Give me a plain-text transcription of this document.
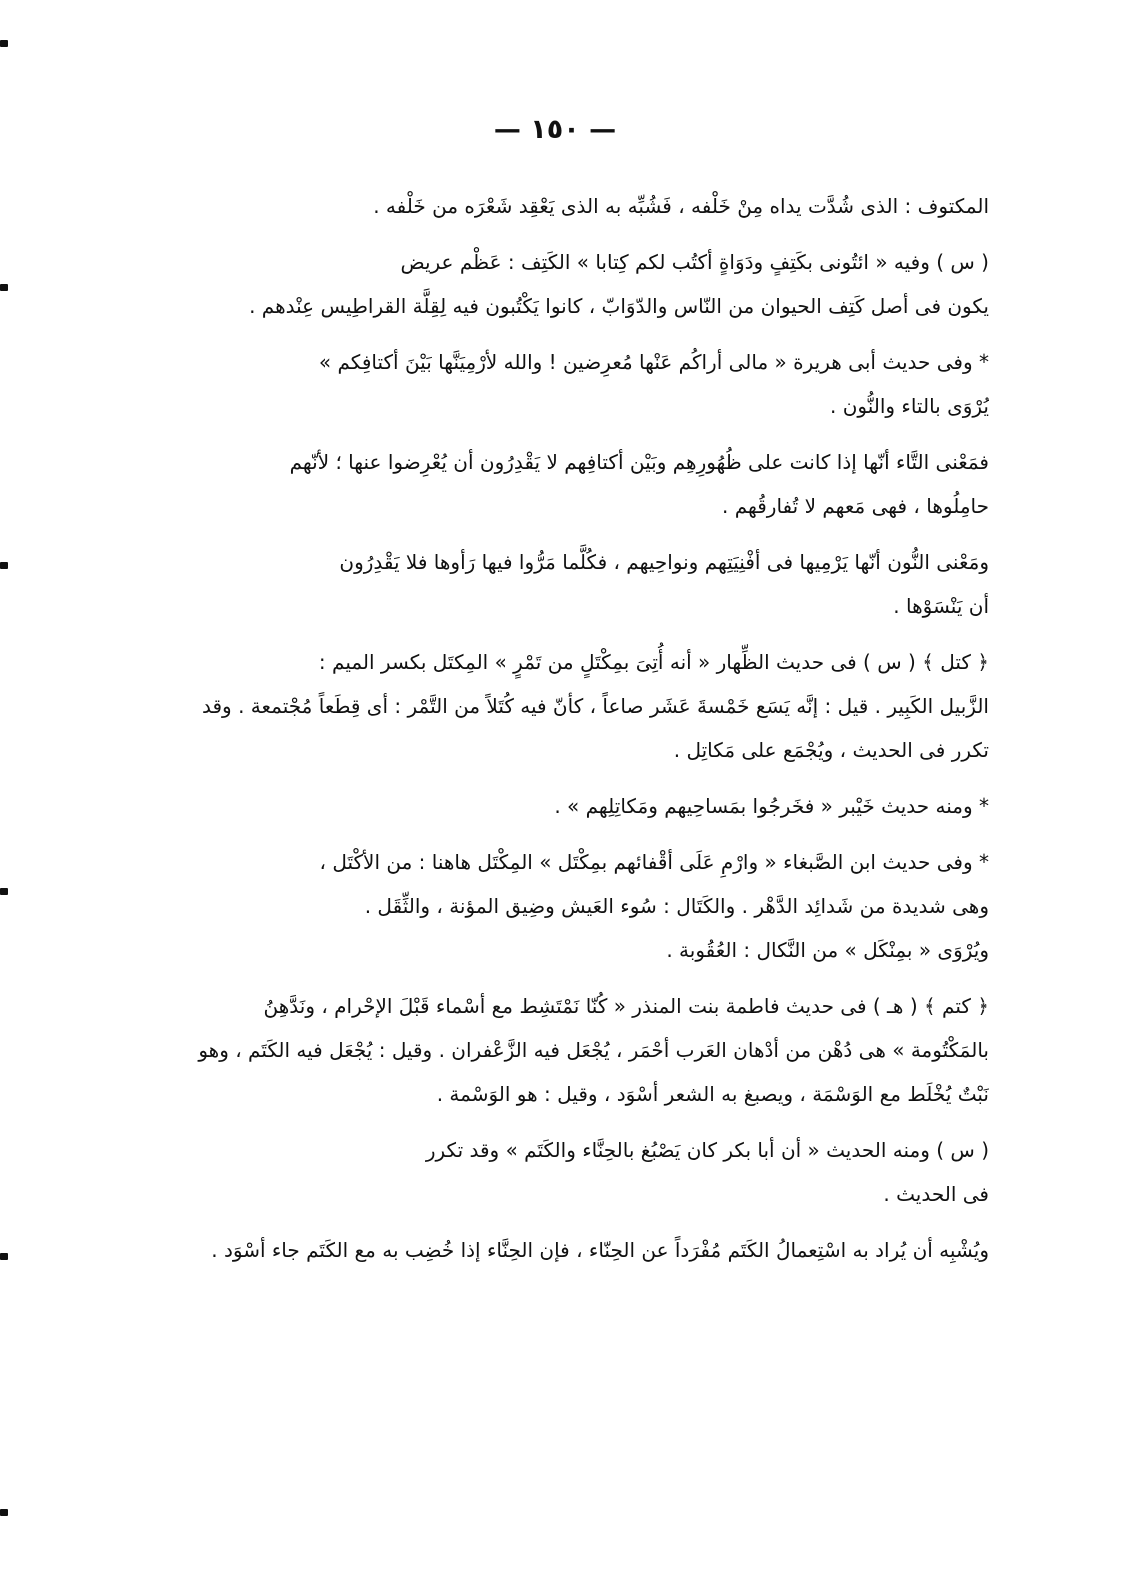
— ١٥٠ —
المكتوف : الذى شُدَّت يداه مِنْ خَلْفه ، فَشُبِّه به الذى يَعْقِد شَعْرَه من خَلْفه .
( س ) وفيه « ائتُونى بكَتِفٍ ودَوَاةٍ أكتُب لكم كِتابا » الكَتِف : عَظْم عريض
يكون فى أصل كَتِف الحيوان من النّاس والدّوَابّ ، كانوا يَكْتُبون فيه لِقِلَّة القراطِيس عِنْدهم .
* وفى حديث أبى هريرة « مالى أراكُم عَنْها مُعرِضين ! والله لأرْمِيَنَّها بَيْنَ أكتافِكم »
يُرْوَى بالتاء والنُّون .
فمَعْنى التَّاء أنّها إذا كانت على ظُهُورِهِم وبَيْن أكتافِهم لا يَقْدِرُون أن يُعْرِضوا عنها ؛ لأنّهم
حامِلُوها ، فهى مَعهم لا تُفارقُهم .
ومَعْنى النُّون أنّها يَرْمِيها فى أفْنِيَتِهم ونواحِيهم ، فكُلَّما مَرُّوا فيها رَأوها فلا يَقْدِرُون
أن يَنْسَوْها .
﴿ كتل ﴾ ( س ) فى حديث الظِّهار « أنه أُتِىَ بمِكْتَلٍ من تَمْرٍ » المِكتَل بكسر الميم :
الزَّبيل الكَبِير . قيل : إنَّه يَسَع خَمْسةَ عَشَر صاعاً ، كأنّ فيه كُتَلاً من التَّمْر : أى قِطَعاً مُجْتمعة . وقد
تكرر فى الحديث ، ويُجْمَع على مَكاتِل .
* ومنه حديث خَيْبر « فخَرجُوا بمَساحِيهم ومَكاتِلِهم » .
* وفى حديث ابن الصَّبغاء « وارْمِ عَلَى أقْفائهم بمِكْتَل » المِكْتَل هاهنا : من الأكْتَل ،
وهى شديدة من شَدائِد الدَّهْر . والكَتَال : سُوء العَيش وضِيق المؤنة ، والثِّقَل .
ويُرْوَى « بمِنْكَل » من النَّكال : العُقُوبة .
﴿ كتم ﴾ ( هـ ) فى حديث فاطمة بنت المنذر « كُنّا نَمْتَشِط مع أسْماء قَبْلَ الإحْرام ، ونَدَّهِنُ
بالمَكْتُومة » هى دُهْن من أدْهان العَرب أحْمَر ، يُجْعَل فيه الزَّعْفران . وقيل : يُجْعَل فيه الكَتَم ، وهو
نَبْتٌ يُخْلَط مع الوَسْمَة ، ويصبغ به الشعر أسْوَد ، وقيل : هو الوَسْمة .
( س ) ومنه الحديث « أن أبا بكر كان يَصْبُغ بالحِنَّاء والكَتَم » وقد تكرر
فى الحديث .
ويُشْبِه أن يُراد به اسْتِعمالُ الكَتَم مُفْرَداً عن الحِنّاء ، فإن الحِنَّاء إذا خُضِب به مع الكَتَم جاء أسْوَد .
